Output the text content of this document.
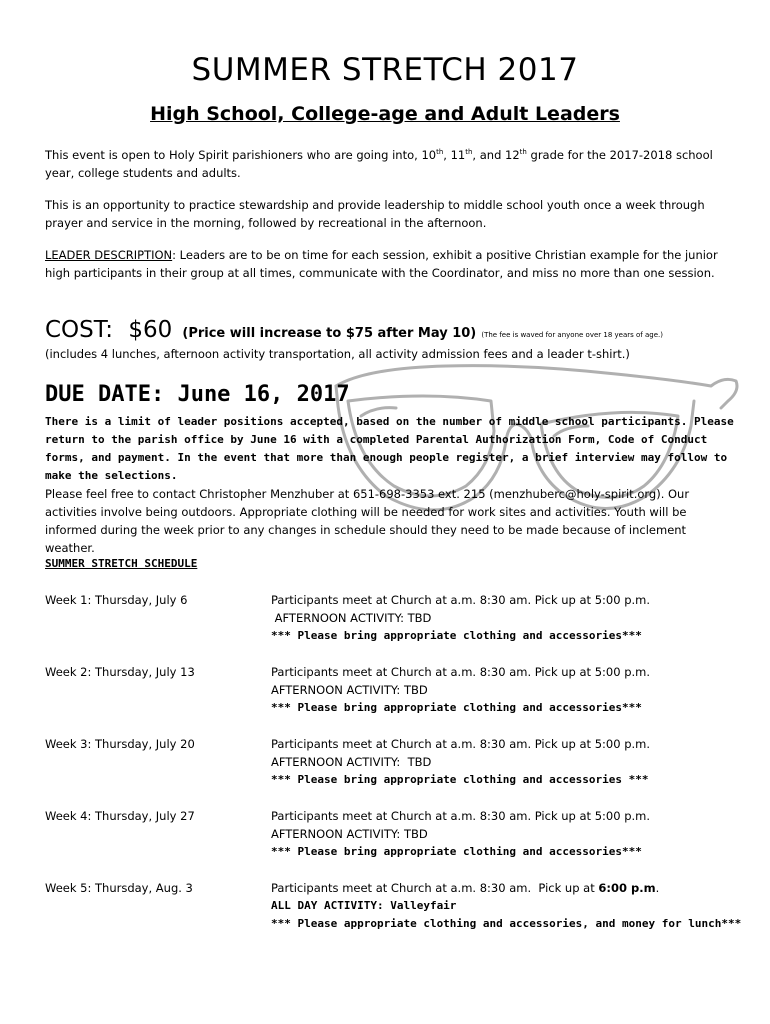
SUMMER STRETCH 2017
High School, College-age and Adult Leaders
This event is open to Holy Spirit parishioners who are going into, 10th, 11th, and 12th grade for the 2017-2018 school year, college students and adults.
This is an opportunity to practice stewardship and provide leadership to middle school youth once a week through prayer and service in the morning, followed by recreational in the afternoon.
LEADER DESCRIPTION: Leaders are to be on time for each session, exhibit a positive Christian example for the junior high participants in their group at all times, communicate with the Coordinator, and miss no more than one session.
COST: $60 (Price will increase to $75 after May 10) (The fee is waved for anyone over 18 years of age.)
(includes 4 lunches, afternoon activity transportation, all activity admission fees and a leader t-shirt.)
DUE DATE: June 16, 2017
There is a limit of leader positions accepted, based on the number of middle school participants. Please return to the parish office by June 16 with a completed Parental Authorization Form, Code of Conduct forms, and payment. In the event that more than enough people register, a brief interview may follow to make the selections.
Please feel free to contact Christopher Menzhuber at 651-698-3353 ext. 215 (menzhuberc@holy-spirit.org). Our activities involve being outdoors. Appropriate clothing will be needed for work sites and activities. Youth will be informed during the week prior to any changes in schedule should they need to be made because of inclement weather.
SUMMER STRETCH SCHEDULE
Week 1: Thursday, July 6	Participants meet at Church at a.m. 8:30 am. Pick up at 5:00 p.m.
AFTERNOON ACTIVITY: TBD
*** Please bring appropriate clothing and accessories***
Week 2: Thursday, July 13	Participants meet at Church at a.m. 8:30 am. Pick up at 5:00 p.m.
AFTERNOON ACTIVITY: TBD
*** Please bring appropriate clothing and accessories***
Week 3: Thursday, July 20	Participants meet at Church at a.m. 8:30 am. Pick up at 5:00 p.m.
AFTERNOON ACTIVITY:  TBD
*** Please bring appropriate clothing and accessories ***
Week 4: Thursday, July 27	Participants meet at Church at a.m. 8:30 am. Pick up at 5:00 p.m.
AFTERNOON ACTIVITY: TBD
*** Please bring appropriate clothing and accessories***
Week 5: Thursday, Aug. 3	Participants meet at Church at a.m. 8:30 am.  Pick up at 6:00 p.m.
ALL DAY ACTIVITY: Valleyfair
*** Please appropriate clothing and accessories, and money for lunch***
